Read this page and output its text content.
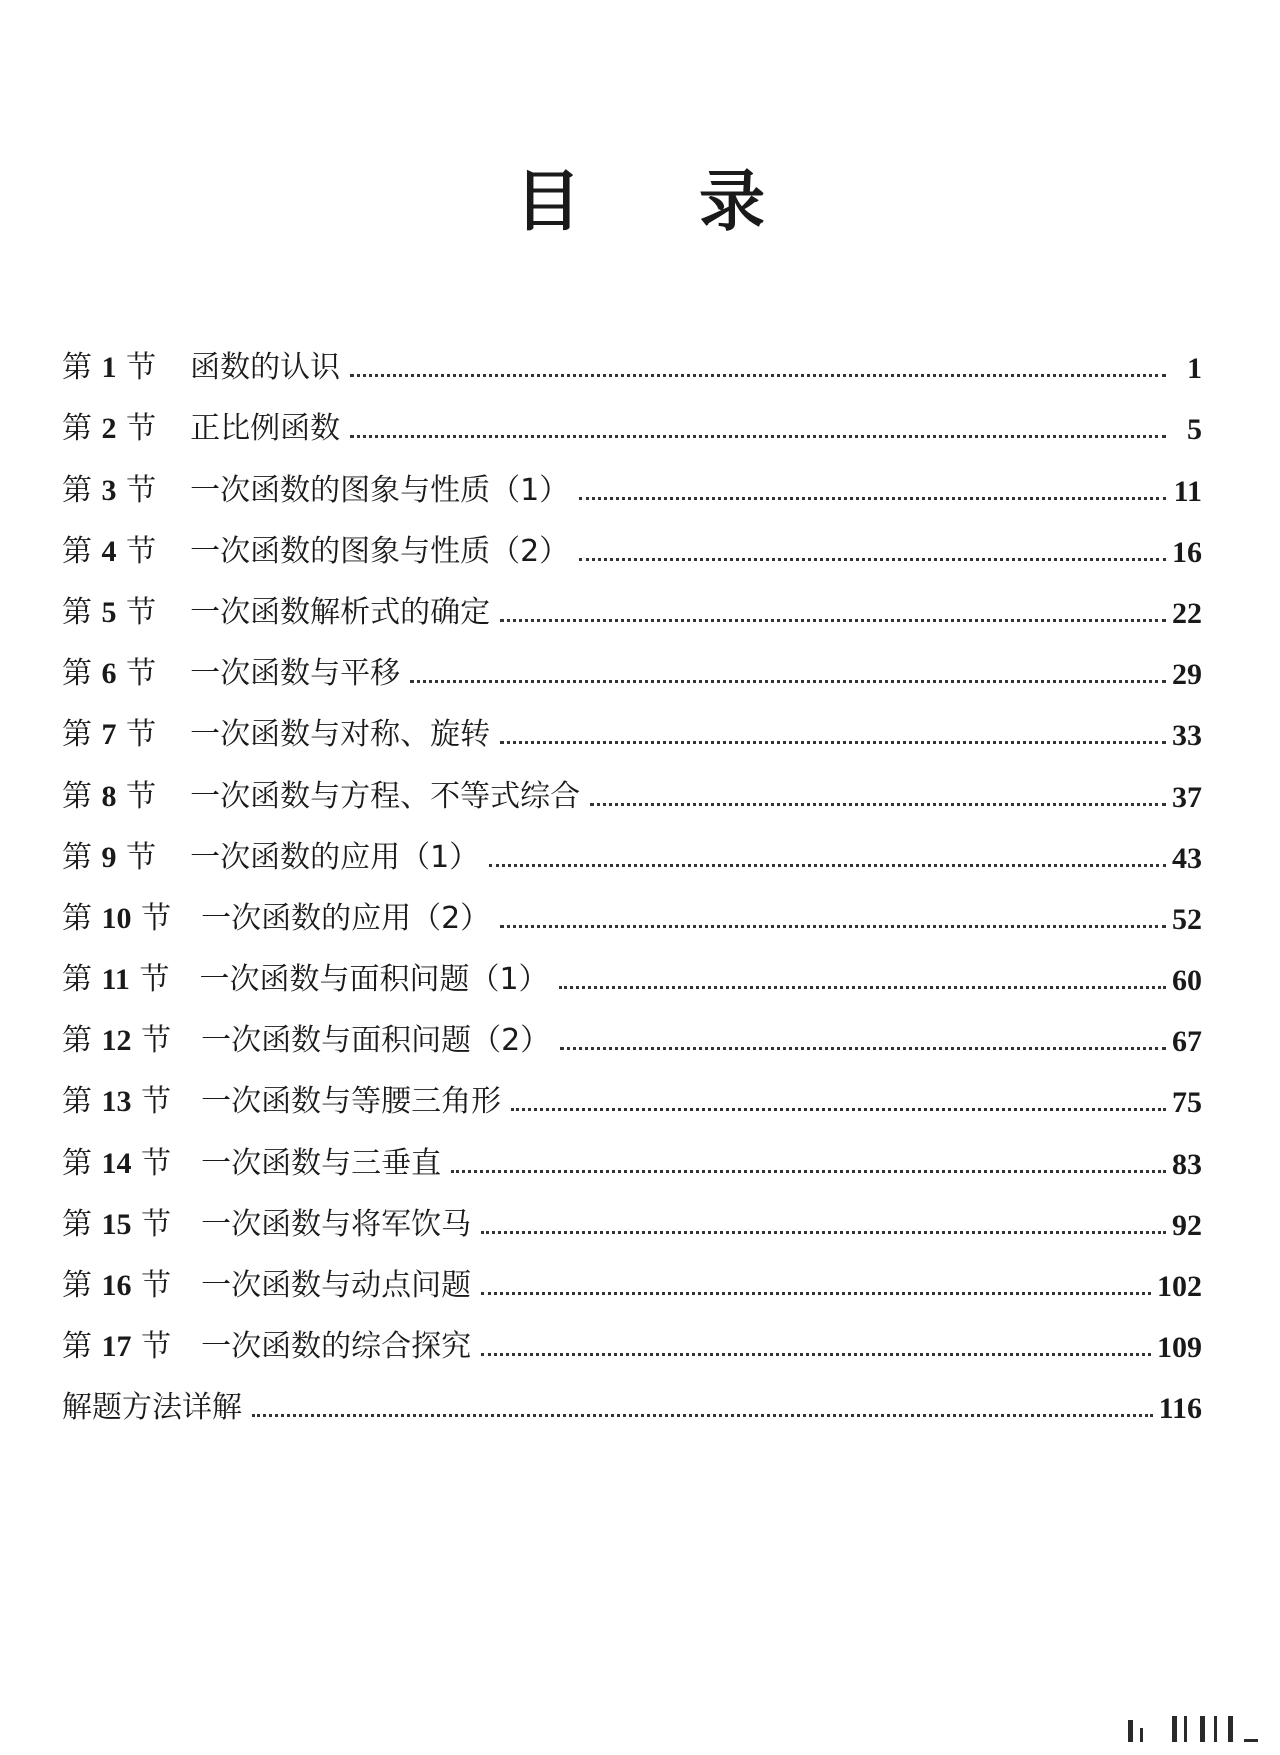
目 录
第 1 节 函数的认识	1
第 2 节 正比例函数	5
第 3 节 一次函数的图象与性质（1）	11
第 4 节 一次函数的图象与性质（2）	16
第 5 节 一次函数解析式的确定	22
第 6 节 一次函数与平移	29
第 7 节 一次函数与对称、旋转	33
第 8 节 一次函数与方程、不等式综合	37
第 9 节 一次函数的应用（1）	43
第 10 节 一次函数的应用（2）	52
第 11 节 一次函数与面积问题（1）	60
第 12 节 一次函数与面积问题（2）	67
第 13 节 一次函数与等腰三角形	75
第 14 节 一次函数与三垂直	83
第 15 节 一次函数与将军饮马	92
第 16 节 一次函数与动点问题	102
第 17 节 一次函数的综合探究	109
解题方法详解	116
